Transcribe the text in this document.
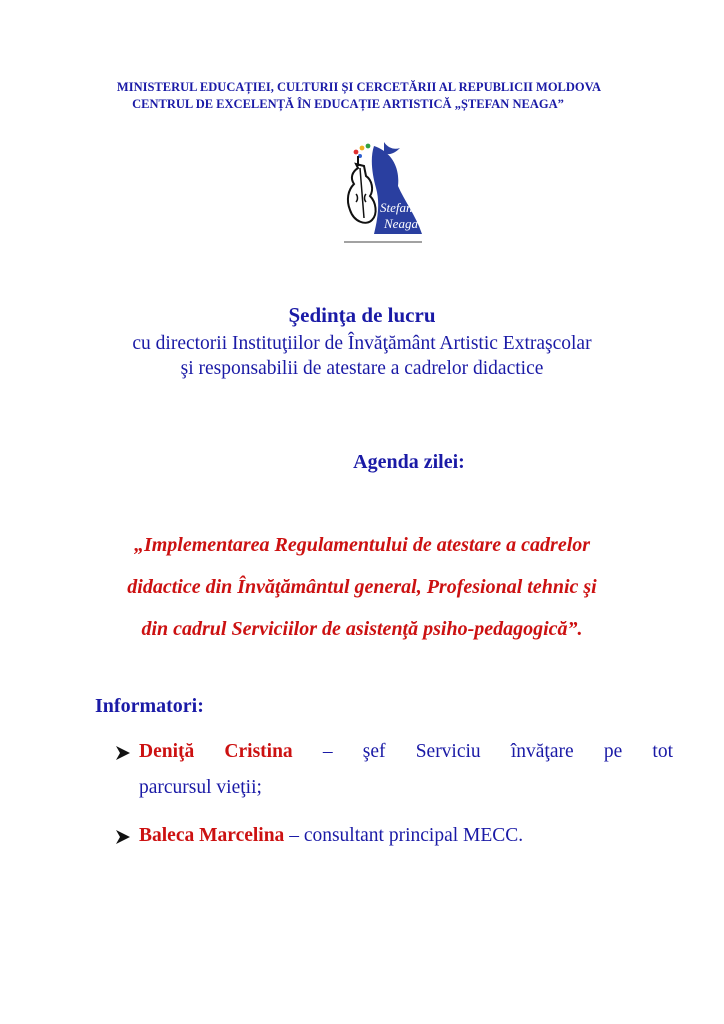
MINISTERUL EDUCAȚIEI, CULTURII ȘI CERCETĂRII AL REPUBLICII MOLDOVA
CENTRUL DE EXCELENȚĂ ÎN EDUCAȚIE ARTISTICĂ „ȘTEFAN NEAGA”
Stefan
Neaga
Şedinţa de lucru
cu directorii Instituţiilor de Învăţământ Artistic Extraşcolar
şi responsabilii de atestare a cadrelor didactice
Agenda zilei:
„Implementarea Regulamentului de atestare a cadrelor
didactice din Învăţământul general, Profesional tehnic şi
din cadrul Serviciilor de asistenţă psiho-pedagogică”.
Informatori:
Deniţă Cristina – şef Serviciu învăţare pe tot
parcursul vieţii;
Baleca Marcelina – consultant principal MECC.
